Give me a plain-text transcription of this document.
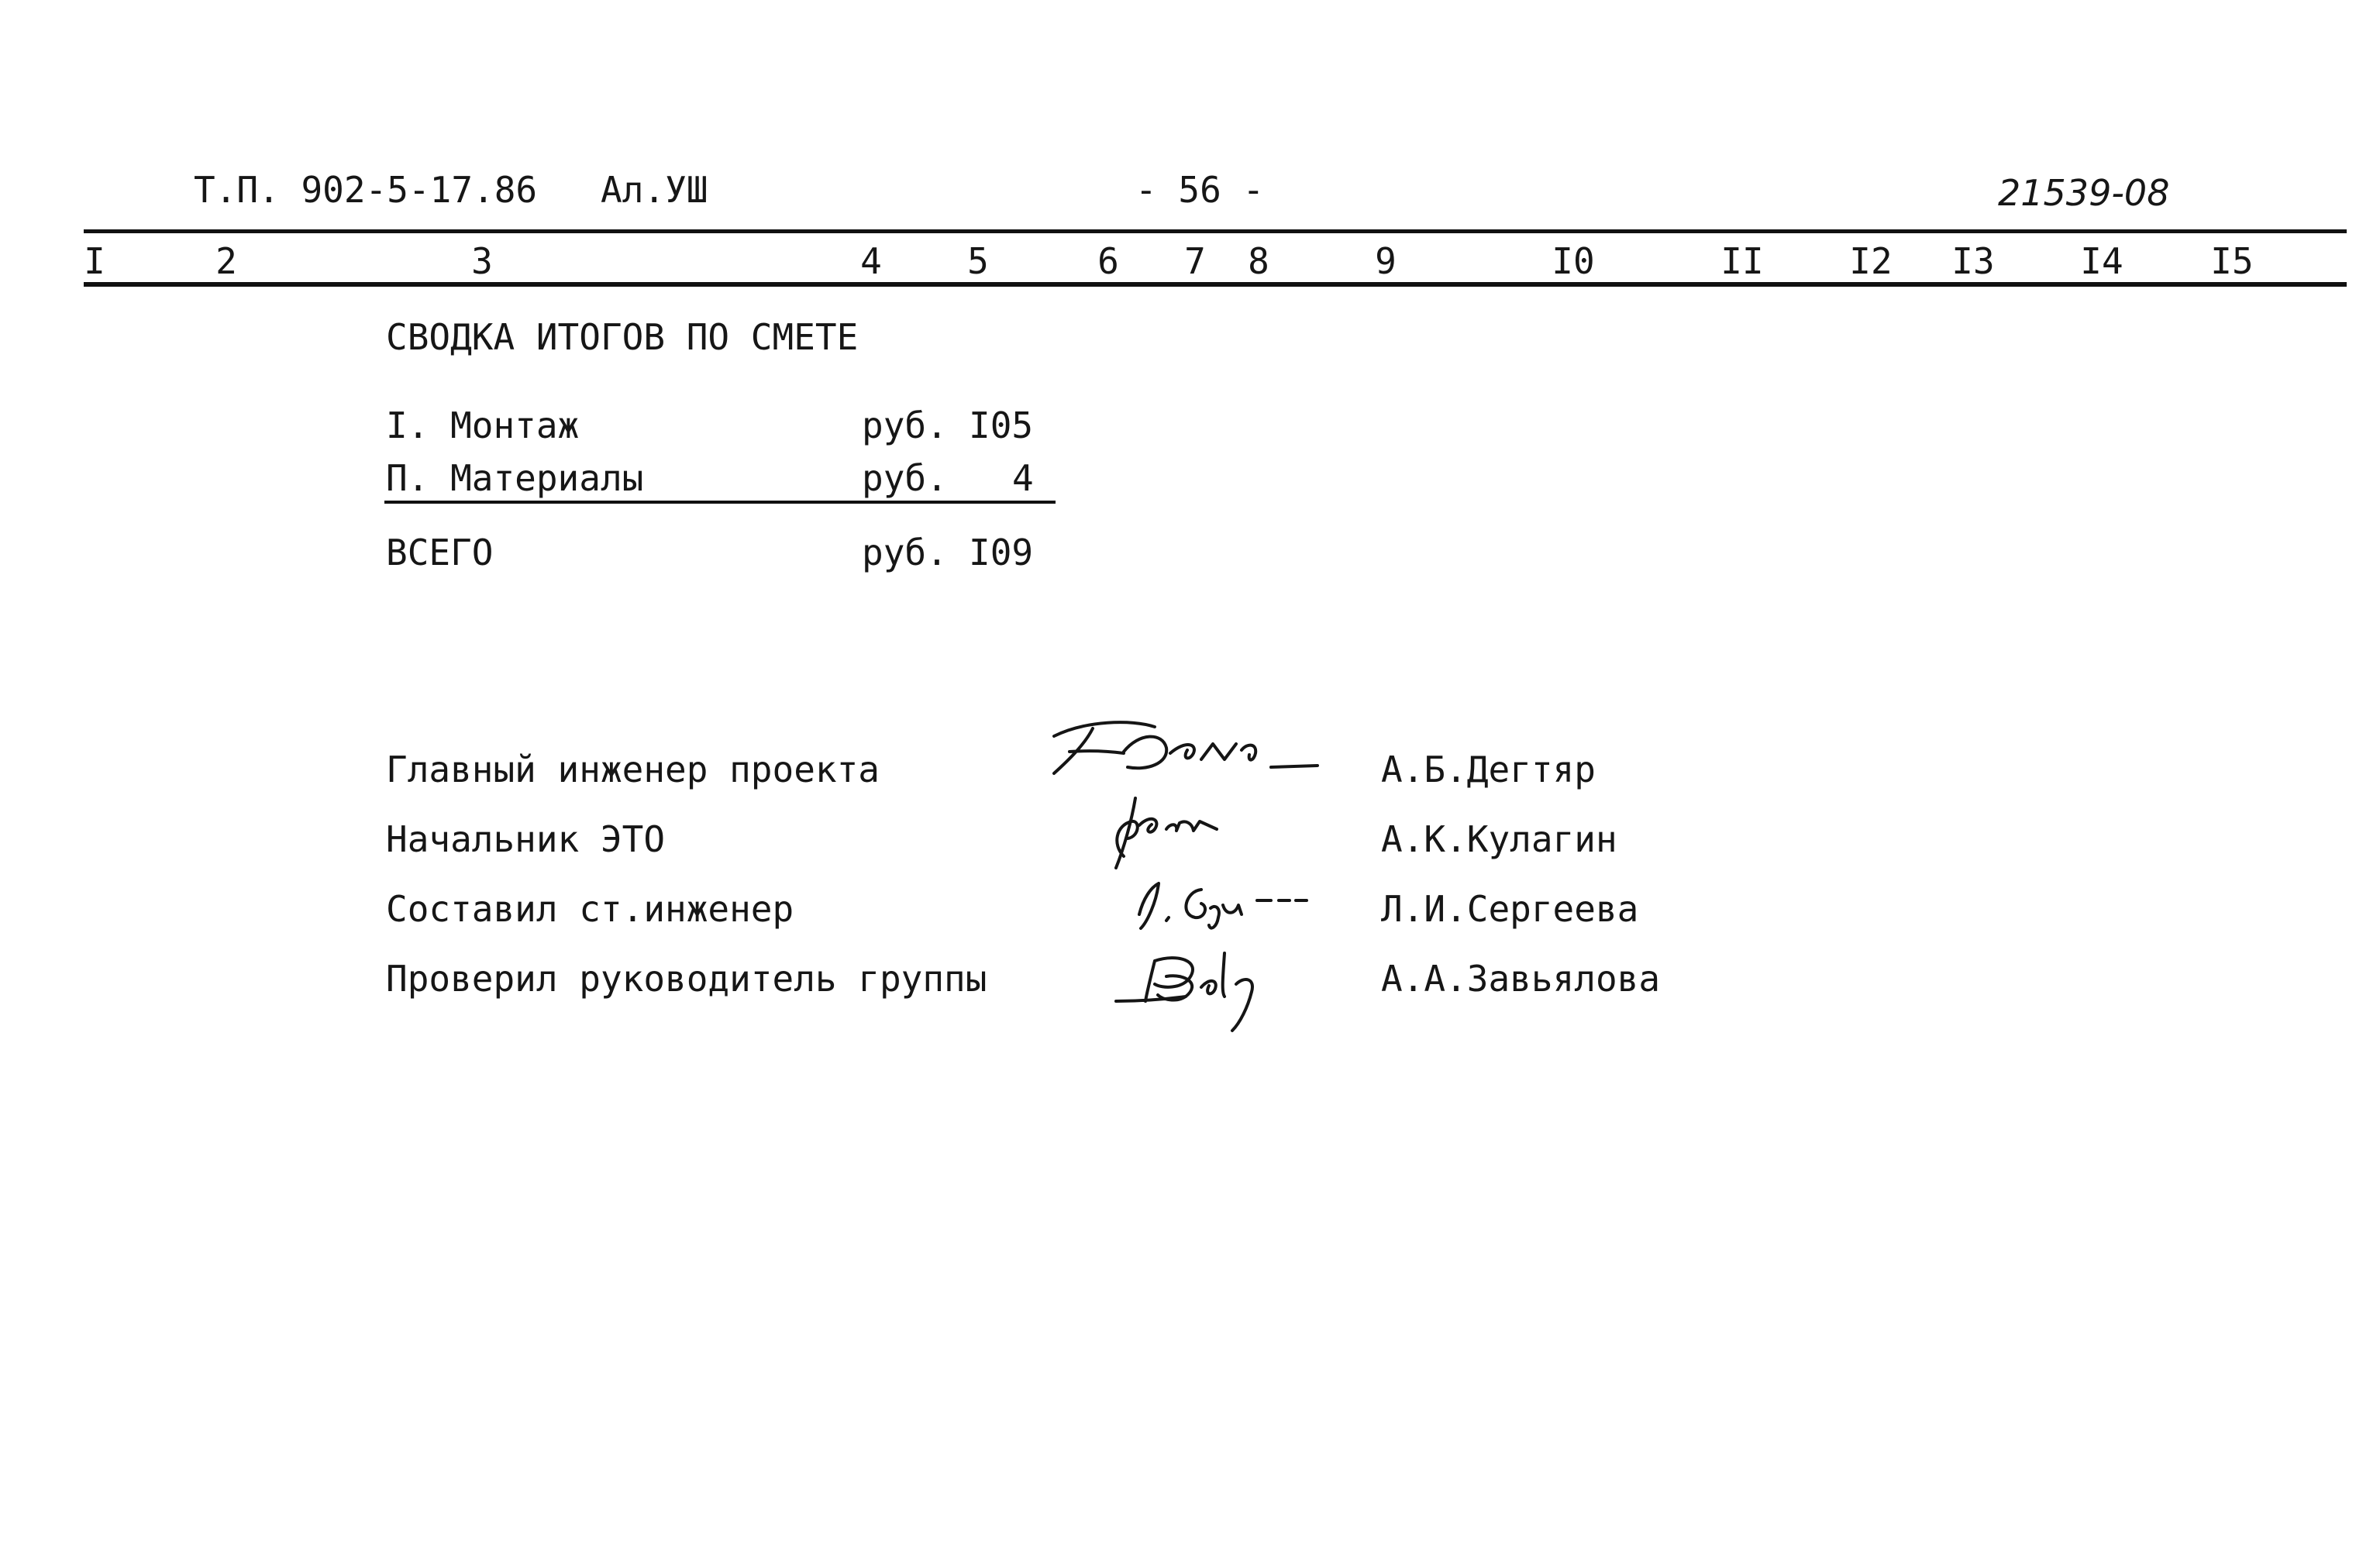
Т.П. 902-5-17.86 Ал.УШ	- 56 -	21539-08
I	2	3	4 5	6 7 8	9	I0	II I2 I3 I4 I5
СВОДКА ИТОГОВ ПО СМЕТЕ
I. Монтаж	руб. I05
П. Материалы	руб. 4
ВСЕГО	руб. I09
Главный инженер проекта	А.Б.Дегтяр
Начальник ЭТО	А.К.Кулагин
Составил ст.инженер	Л.И.Сергеева
Проверил руководитель группы	А.А.Завьялова
